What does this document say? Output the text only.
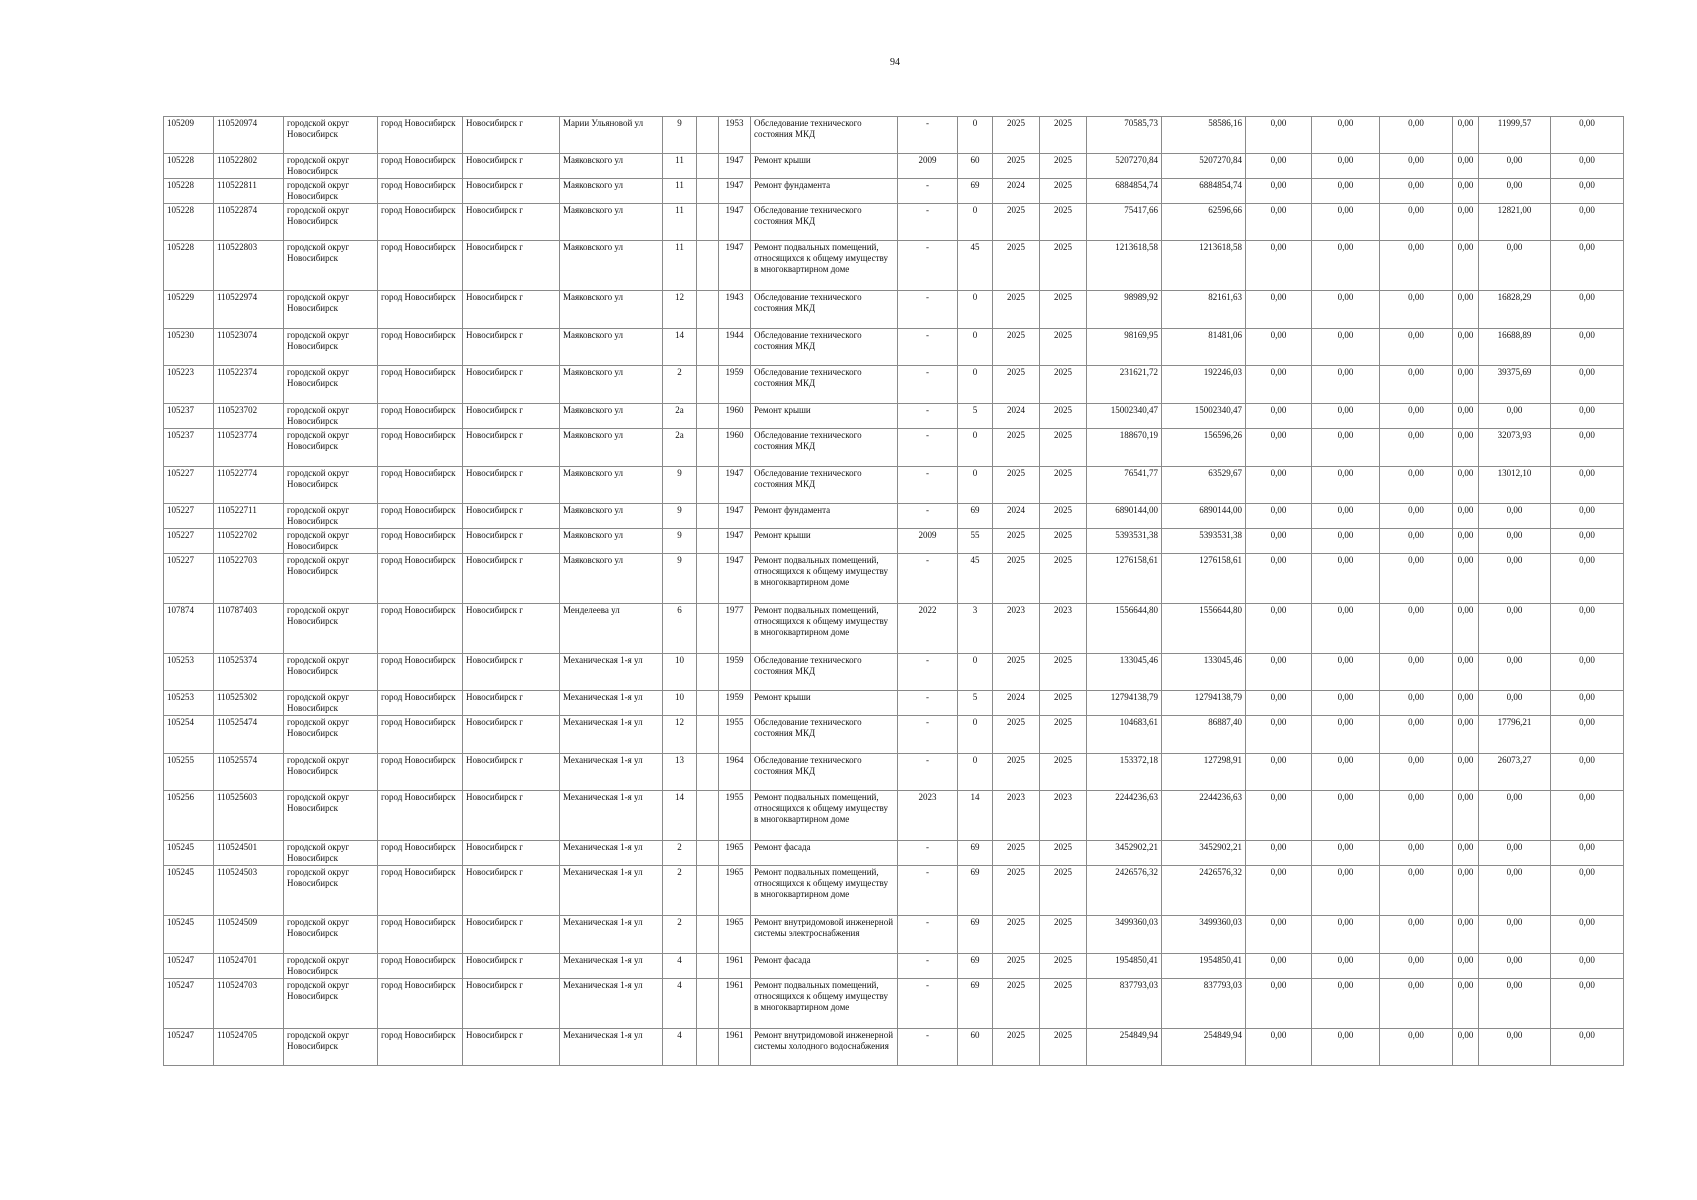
94
105209	110520974	городской округ Новосибирск	город Новосибирск	Новосибирск г	Марии Ульяновой ул	9		1953	Обследование технического состояния МКД	-	0	2025	2025	70585,73	58586,16	0,00	0,00	0,00	0,00	11999,57	0,00
105228	110522802	городской округ Новосибирск	город Новосибирск	Новосибирск г	Маяковского ул	11		1947	Ремонт крыши	2009	60	2025	2025	5207270,84	5207270,84	0,00	0,00	0,00	0,00	0,00	0,00
105228	110522811	городской округ Новосибирск	город Новосибирск	Новосибирск г	Маяковского ул	11		1947	Ремонт фундамента	-	69	2024	2025	6884854,74	6884854,74	0,00	0,00	0,00	0,00	0,00	0,00
105228	110522874	городской округ Новосибирск	город Новосибирск	Новосибирск г	Маяковского ул	11		1947	Обследование технического состояния МКД	-	0	2025	2025	75417,66	62596,66	0,00	0,00	0,00	0,00	12821,00	0,00
105228	110522803	городской округ Новосибирск	город Новосибирск	Новосибирск г	Маяковского ул	11		1947	Ремонт подвальных помещений, относящихся к общему имуществу в многоквартирном доме	-	45	2025	2025	1213618,58	1213618,58	0,00	0,00	0,00	0,00	0,00	0,00
105229	110522974	городской округ Новосибирск	город Новосибирск	Новосибирск г	Маяковского ул	12		1943	Обследование технического состояния МКД	-	0	2025	2025	98989,92	82161,63	0,00	0,00	0,00	0,00	16828,29	0,00
105230	110523074	городской округ Новосибирск	город Новосибирск	Новосибирск г	Маяковского ул	14		1944	Обследование технического состояния МКД	-	0	2025	2025	98169,95	81481,06	0,00	0,00	0,00	0,00	16688,89	0,00
105223	110522374	городской округ Новосибирск	город Новосибирск	Новосибирск г	Маяковского ул	2		1959	Обследование технического состояния МКД	-	0	2025	2025	231621,72	192246,03	0,00	0,00	0,00	0,00	39375,69	0,00
105237	110523702	городской округ Новосибирск	город Новосибирск	Новосибирск г	Маяковского ул	2а		1960	Ремонт крыши	-	5	2024	2025	15002340,47	15002340,47	0,00	0,00	0,00	0,00	0,00	0,00
105237	110523774	городской округ Новосибирск	город Новосибирск	Новосибирск г	Маяковского ул	2а		1960	Обследование технического состояния МКД	-	0	2025	2025	188670,19	156596,26	0,00	0,00	0,00	0,00	32073,93	0,00
105227	110522774	городской округ Новосибирск	город Новосибирск	Новосибирск г	Маяковского ул	9		1947	Обследование технического состояния МКД	-	0	2025	2025	76541,77	63529,67	0,00	0,00	0,00	0,00	13012,10	0,00
105227	110522711	городской округ Новосибирск	город Новосибирск	Новосибирск г	Маяковского ул	9		1947	Ремонт фундамента	-	69	2024	2025	6890144,00	6890144,00	0,00	0,00	0,00	0,00	0,00	0,00
105227	110522702	городской округ Новосибирск	город Новосибирск	Новосибирск г	Маяковского ул	9		1947	Ремонт крыши	2009	55	2025	2025	5393531,38	5393531,38	0,00	0,00	0,00	0,00	0,00	0,00
105227	110522703	городской округ Новосибирск	город Новосибирск	Новосибирск г	Маяковского ул	9		1947	Ремонт подвальных помещений, относящихся к общему имуществу в многоквартирном доме	-	45	2025	2025	1276158,61	1276158,61	0,00	0,00	0,00	0,00	0,00	0,00
107874	110787403	городской округ Новосибирск	город Новосибирск	Новосибирск г	Менделеева ул	6		1977	Ремонт подвальных помещений, относящихся к общему имуществу в многоквартирном доме	2022	3	2023	2023	1556644,80	1556644,80	0,00	0,00	0,00	0,00	0,00	0,00
105253	110525374	городской округ Новосибирск	город Новосибирск	Новосибирск г	Механическая 1-я ул	10		1959	Обследование технического состояния МКД	-	0	2025	2025	133045,46	133045,46	0,00	0,00	0,00	0,00	0,00	0,00
105253	110525302	городской округ Новосибирск	город Новосибирск	Новосибирск г	Механическая 1-я ул	10		1959	Ремонт крыши	-	5	2024	2025	12794138,79	12794138,79	0,00	0,00	0,00	0,00	0,00	0,00
105254	110525474	городской округ Новосибирск	город Новосибирск	Новосибирск г	Механическая 1-я ул	12		1955	Обследование технического состояния МКД	-	0	2025	2025	104683,61	86887,40	0,00	0,00	0,00	0,00	17796,21	0,00
105255	110525574	городской округ Новосибирск	город Новосибирск	Новосибирск г	Механическая 1-я ул	13		1964	Обследование технического состояния МКД	-	0	2025	2025	153372,18	127298,91	0,00	0,00	0,00	0,00	26073,27	0,00
105256	110525603	городской округ Новосибирск	город Новосибирск	Новосибирск г	Механическая 1-я ул	14		1955	Ремонт подвальных помещений, относящихся к общему имуществу в многоквартирном доме	2023	14	2023	2023	2244236,63	2244236,63	0,00	0,00	0,00	0,00	0,00	0,00
105245	110524501	городской округ Новосибирск	город Новосибирск	Новосибирск г	Механическая 1-я ул	2		1965	Ремонт фасада	-	69	2025	2025	3452902,21	3452902,21	0,00	0,00	0,00	0,00	0,00	0,00
105245	110524503	городской округ Новосибирск	город Новосибирск	Новосибирск г	Механическая 1-я ул	2		1965	Ремонт подвальных помещений, относящихся к общему имуществу в многоквартирном доме	-	69	2025	2025	2426576,32	2426576,32	0,00	0,00	0,00	0,00	0,00	0,00
105245	110524509	городской округ Новосибирск	город Новосибирск	Новосибирск г	Механическая 1-я ул	2		1965	Ремонт внутридомовой инженерной системы электроснабжения	-	69	2025	2025	3499360,03	3499360,03	0,00	0,00	0,00	0,00	0,00	0,00
105247	110524701	городской округ Новосибирск	город Новосибирск	Новосибирск г	Механическая 1-я ул	4		1961	Ремонт фасада	-	69	2025	2025	1954850,41	1954850,41	0,00	0,00	0,00	0,00	0,00	0,00
105247	110524703	городской округ Новосибирск	город Новосибирск	Новосибирск г	Механическая 1-я ул	4		1961	Ремонт подвальных помещений, относящихся к общему имуществу в многоквартирном доме	-	69	2025	2025	837793,03	837793,03	0,00	0,00	0,00	0,00	0,00	0,00
105247	110524705	городской округ Новосибирск	город Новосибирск	Новосибирск г	Механическая 1-я ул	4		1961	Ремонт внутридомовой инженерной системы холодного водоснабжения	-	60	2025	2025	254849,94	254849,94	0,00	0,00	0,00	0,00	0,00	0,00
